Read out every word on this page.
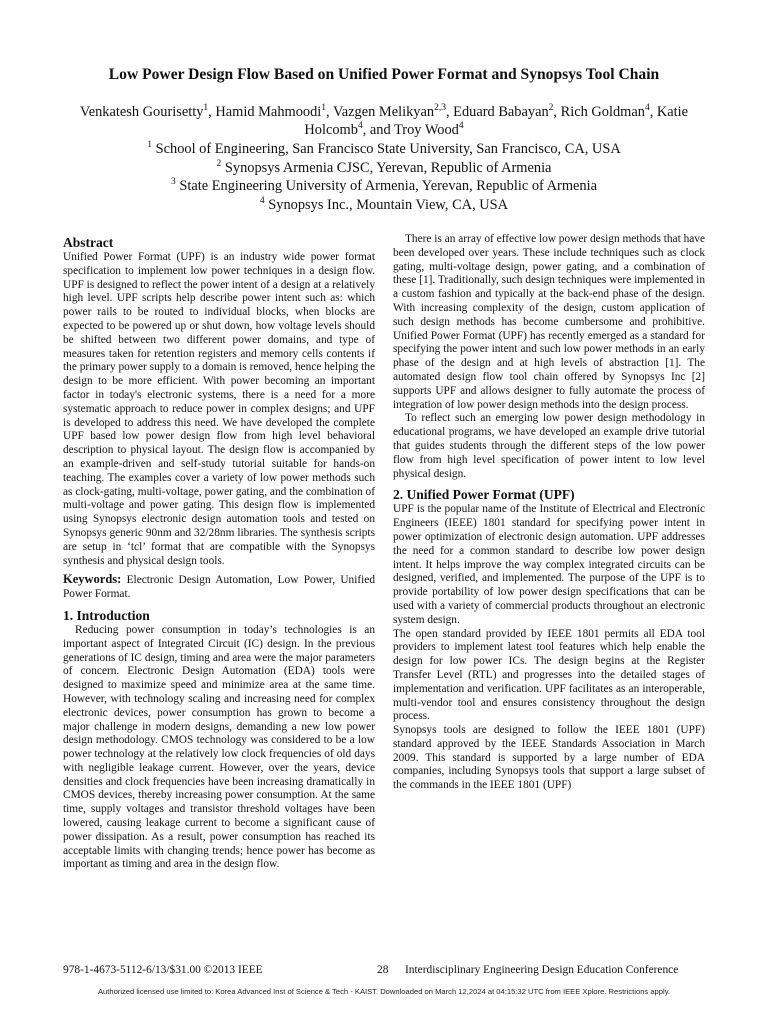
Low Power Design Flow Based on Unified Power Format and Synopsys Tool Chain
Venkatesh Gourisetty$^1$, Hamid Mahmoodi$^1$, Vazgen Melikyan$^{2,3}$, Eduard Babayan$^2$, Rich Goldman$^4$, Katie
Holcomb$^4$, and Troy Wood$^4$
$^1$ School of Engineering, San Francisco State University, San Francisco, CA, USA
$^2$ Synopsys Armenia CJSC, Yerevan, Republic of Armenia
$^3$ State Engineering University of Armenia, Yerevan, Republic of Armenia
$^4$ Synopsys Inc., Mountain View, CA, USA
Abstract

Unified Power Format (UPF) is an industry wide power format specification to implement low power techniques in a design flow. UPF is designed to reflect the power intent of a design at a relatively high level. UPF scripts help describe power intent such as: which power rails to be routed to individual blocks, when blocks are expected to be powered up or shut down, how voltage levels should be shifted between two different power domains, and type of measures taken for retention registers and memory cells contents if the primary power supply to a domain is removed, hence helping the design to be more efficient. With power becoming an important factor in today's electronic systems, there is a need for a more systematic approach to reduce power in complex designs; and UPF is developed to address this need. We have developed the complete UPF based low power design flow from high level behavioral description to physical layout. The design flow is accompanied by an example-driven and self-study tutorial suitable for hands-on teaching. The examples cover a variety of low power methods such as clock-gating, multi-voltage, power gating, and the combination of multi-voltage and power gating. This design flow is implemented using Synopsys electronic design automation tools and tested on Synopsys generic 90nm and 32/28nm libraries. The synthesis scripts are setup in ‘tcl’ format that are compatible with the Synopsys synthesis and physical design tools.

Keywords: Electronic Design Automation, Low Power, Unified Power Format.

1. Introduction

Reducing power consumption in today’s technologies is an important aspect of Integrated Circuit (IC) design. In the previous generations of IC design, timing and area were the major parameters of concern. Electronic Design Automation (EDA) tools were designed to maximize speed and minimize area at the same time. However, with technology scaling and increasing need for complex electronic devices, power consumption has grown to become a major challenge in modern designs, demanding a new low power design methodology. CMOS technology was considered to be a low power technology at the relatively low clock frequencies of old days with negligible leakage current. However, over the years, device densities and clock frequencies have been increasing dramatically in CMOS devices, thereby increasing power consumption. At the same time, supply voltages and transistor threshold voltages have been lowered, causing leakage current to become a significant cause of power dissipation. As a result, power consumption has reached its acceptable limits with changing trends; hence power has become as important as timing and area in the design flow.

There is an array of effective low power design methods that have been developed over years. These include techniques such as clock gating, multi-voltage design, power gating, and a combination of these [1]. Traditionally, such design techniques were implemented in a custom fashion and typically at the back-end phase of the design. With increasing complexity of the design, custom application of such design methods has become cumbersome and prohibitive. Unified Power Format (UPF) has recently emerged as a standard for specifying the power intent and such low power methods in an early phase of the design and at high levels of abstraction [1]. The automated design flow tool chain offered by Synopsys Inc [2] supports UPF and allows designer to fully automate the process of integration of low power design methods into the design process.

To reflect such an emerging low power design methodology in educational programs, we have developed an example drive tutorial that guides students through the different steps of the low power flow from high level specification of power intent to low level physical design.

2. Unified Power Format (UPF)

UPF is the popular name of the Institute of Electrical and Electronic Engineers (IEEE) 1801 standard for specifying power intent in power optimization of electronic design automation. UPF addresses the need for a common standard to describe low power design intent. It helps improve the way complex integrated circuits can be designed, verified, and implemented. The purpose of the UPF is to provide portability of low power design specifications that can be used with a variety of commercial products throughout an electronic system design.

The open standard provided by IEEE 1801 permits all EDA tool providers to implement latest tool features which help enable the design for low power ICs. The design begins at the Register Transfer Level (RTL) and progresses into the detailed stages of implementation and verification. UPF facilitates as an interoperable, multi-vendor tool and ensures consistency throughout the design process.

Synopsys tools are designed to follow the IEEE 1801 (UPF) standard approved by the IEEE Standards Association in March 2009. This standard is supported by a large number of EDA companies, including Synopsys tools that support a large subset of the commands in the IEEE 1801 (UPF)

978-1-4673-5112-6/13/$31.00 ©2013 IEEE	28 Interdisciplinary Engineering Design Education Conference
Authorized licensed use limited to: Korea Advanced Inst of Science & Tech - KAIST. Downloaded on March 12,2024 at 04:15:32 UTC from IEEE Xplore. Restrictions apply.
